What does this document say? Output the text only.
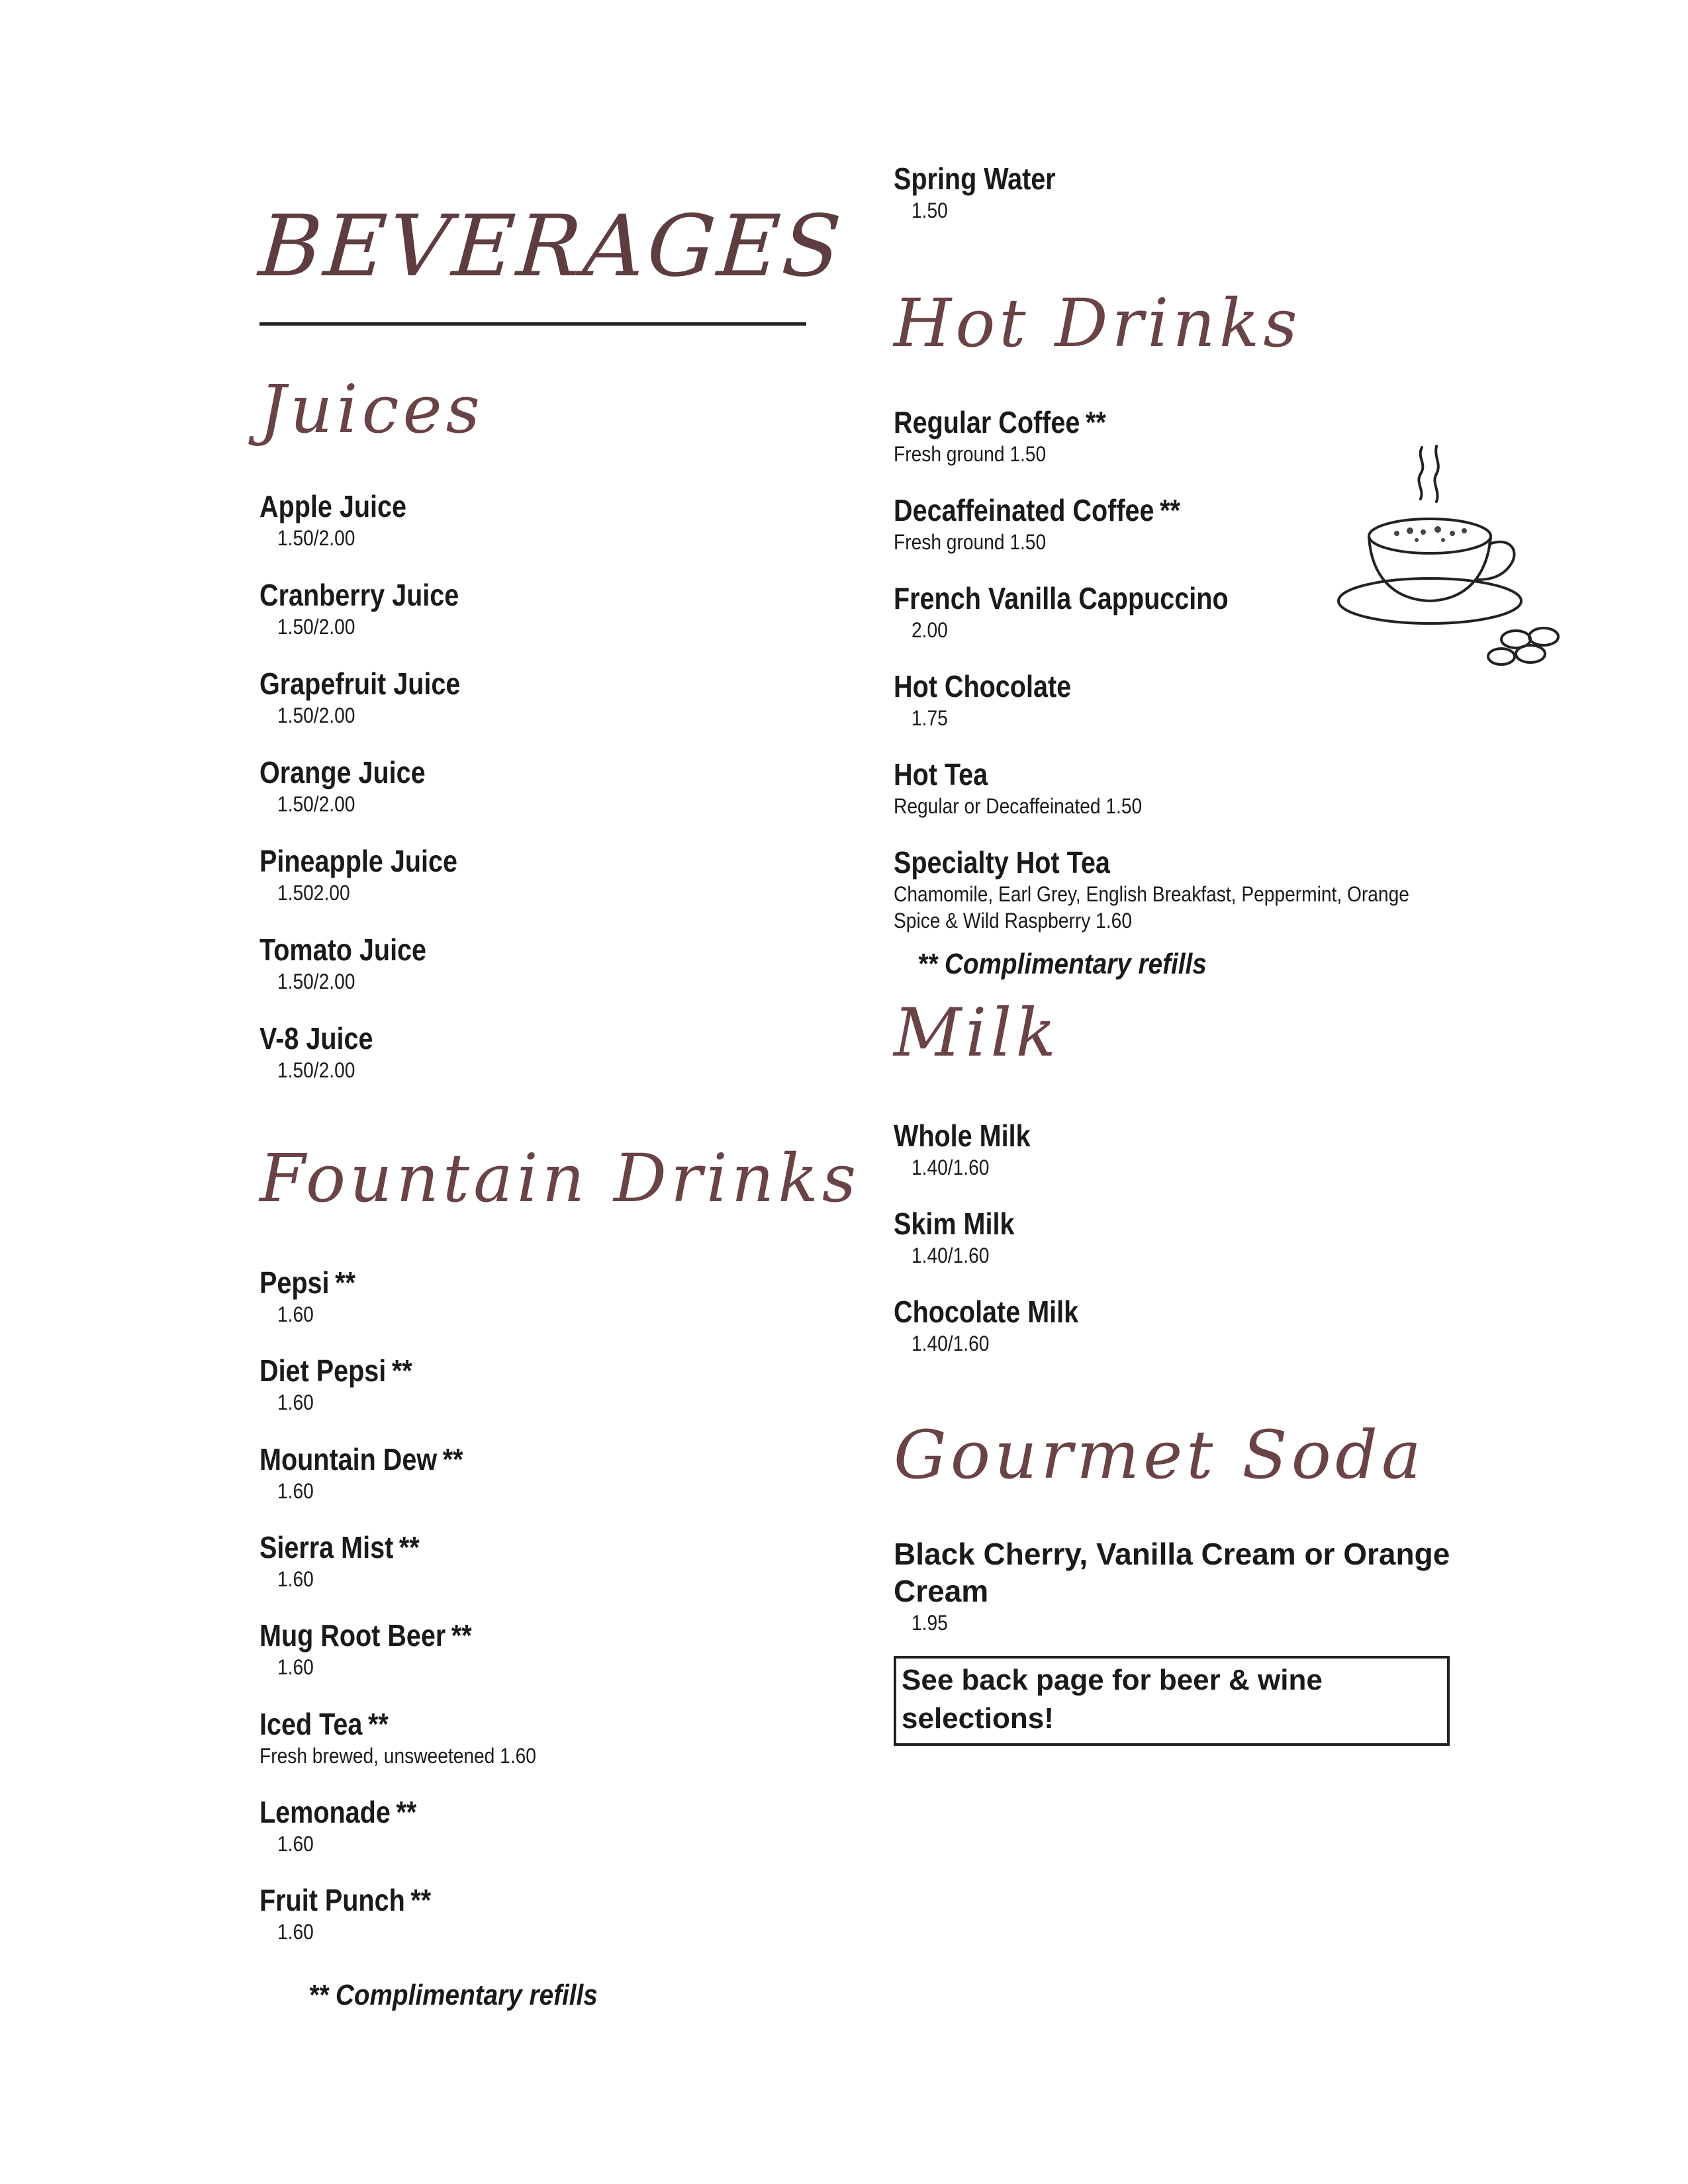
BEVERAGES
Juices
Apple Juice
1.50/2.00
Cranberry Juice
1.50/2.00
Grapefruit Juice
1.50/2.00
Orange Juice
1.50/2.00
Pineapple Juice
1.502.00
Tomato Juice
1.50/2.00
V-8 Juice
1.50/2.00
Fountain Drinks
Pepsi **
1.60
Diet Pepsi **
1.60
Mountain Dew **
1.60
Sierra Mist **
1.60
Mug Root Beer **
1.60
Iced Tea **
Fresh brewed, unsweetened 1.60
Lemonade **
1.60
Fruit Punch **
1.60
** Complimentary refills
Spring Water
1.50
Hot Drinks
Regular Coffee **
Fresh ground 1.50
Decaffeinated Coffee **
Fresh ground 1.50
French Vanilla Cappuccino
2.00
Hot Chocolate
1.75
Hot Tea
Regular or Decaffeinated 1.50
Specialty Hot Tea
Chamomile, Earl Grey, English Breakfast, Peppermint, Orange
Spice & Wild Raspberry 1.60
** Complimentary refills
Milk
Whole Milk
1.40/1.60
Skim Milk
1.40/1.60
Chocolate Milk
1.40/1.60
Gourmet Soda
Black Cherry, Vanilla Cream or Orange Cream
1.95
See back page for beer & wine selections!
